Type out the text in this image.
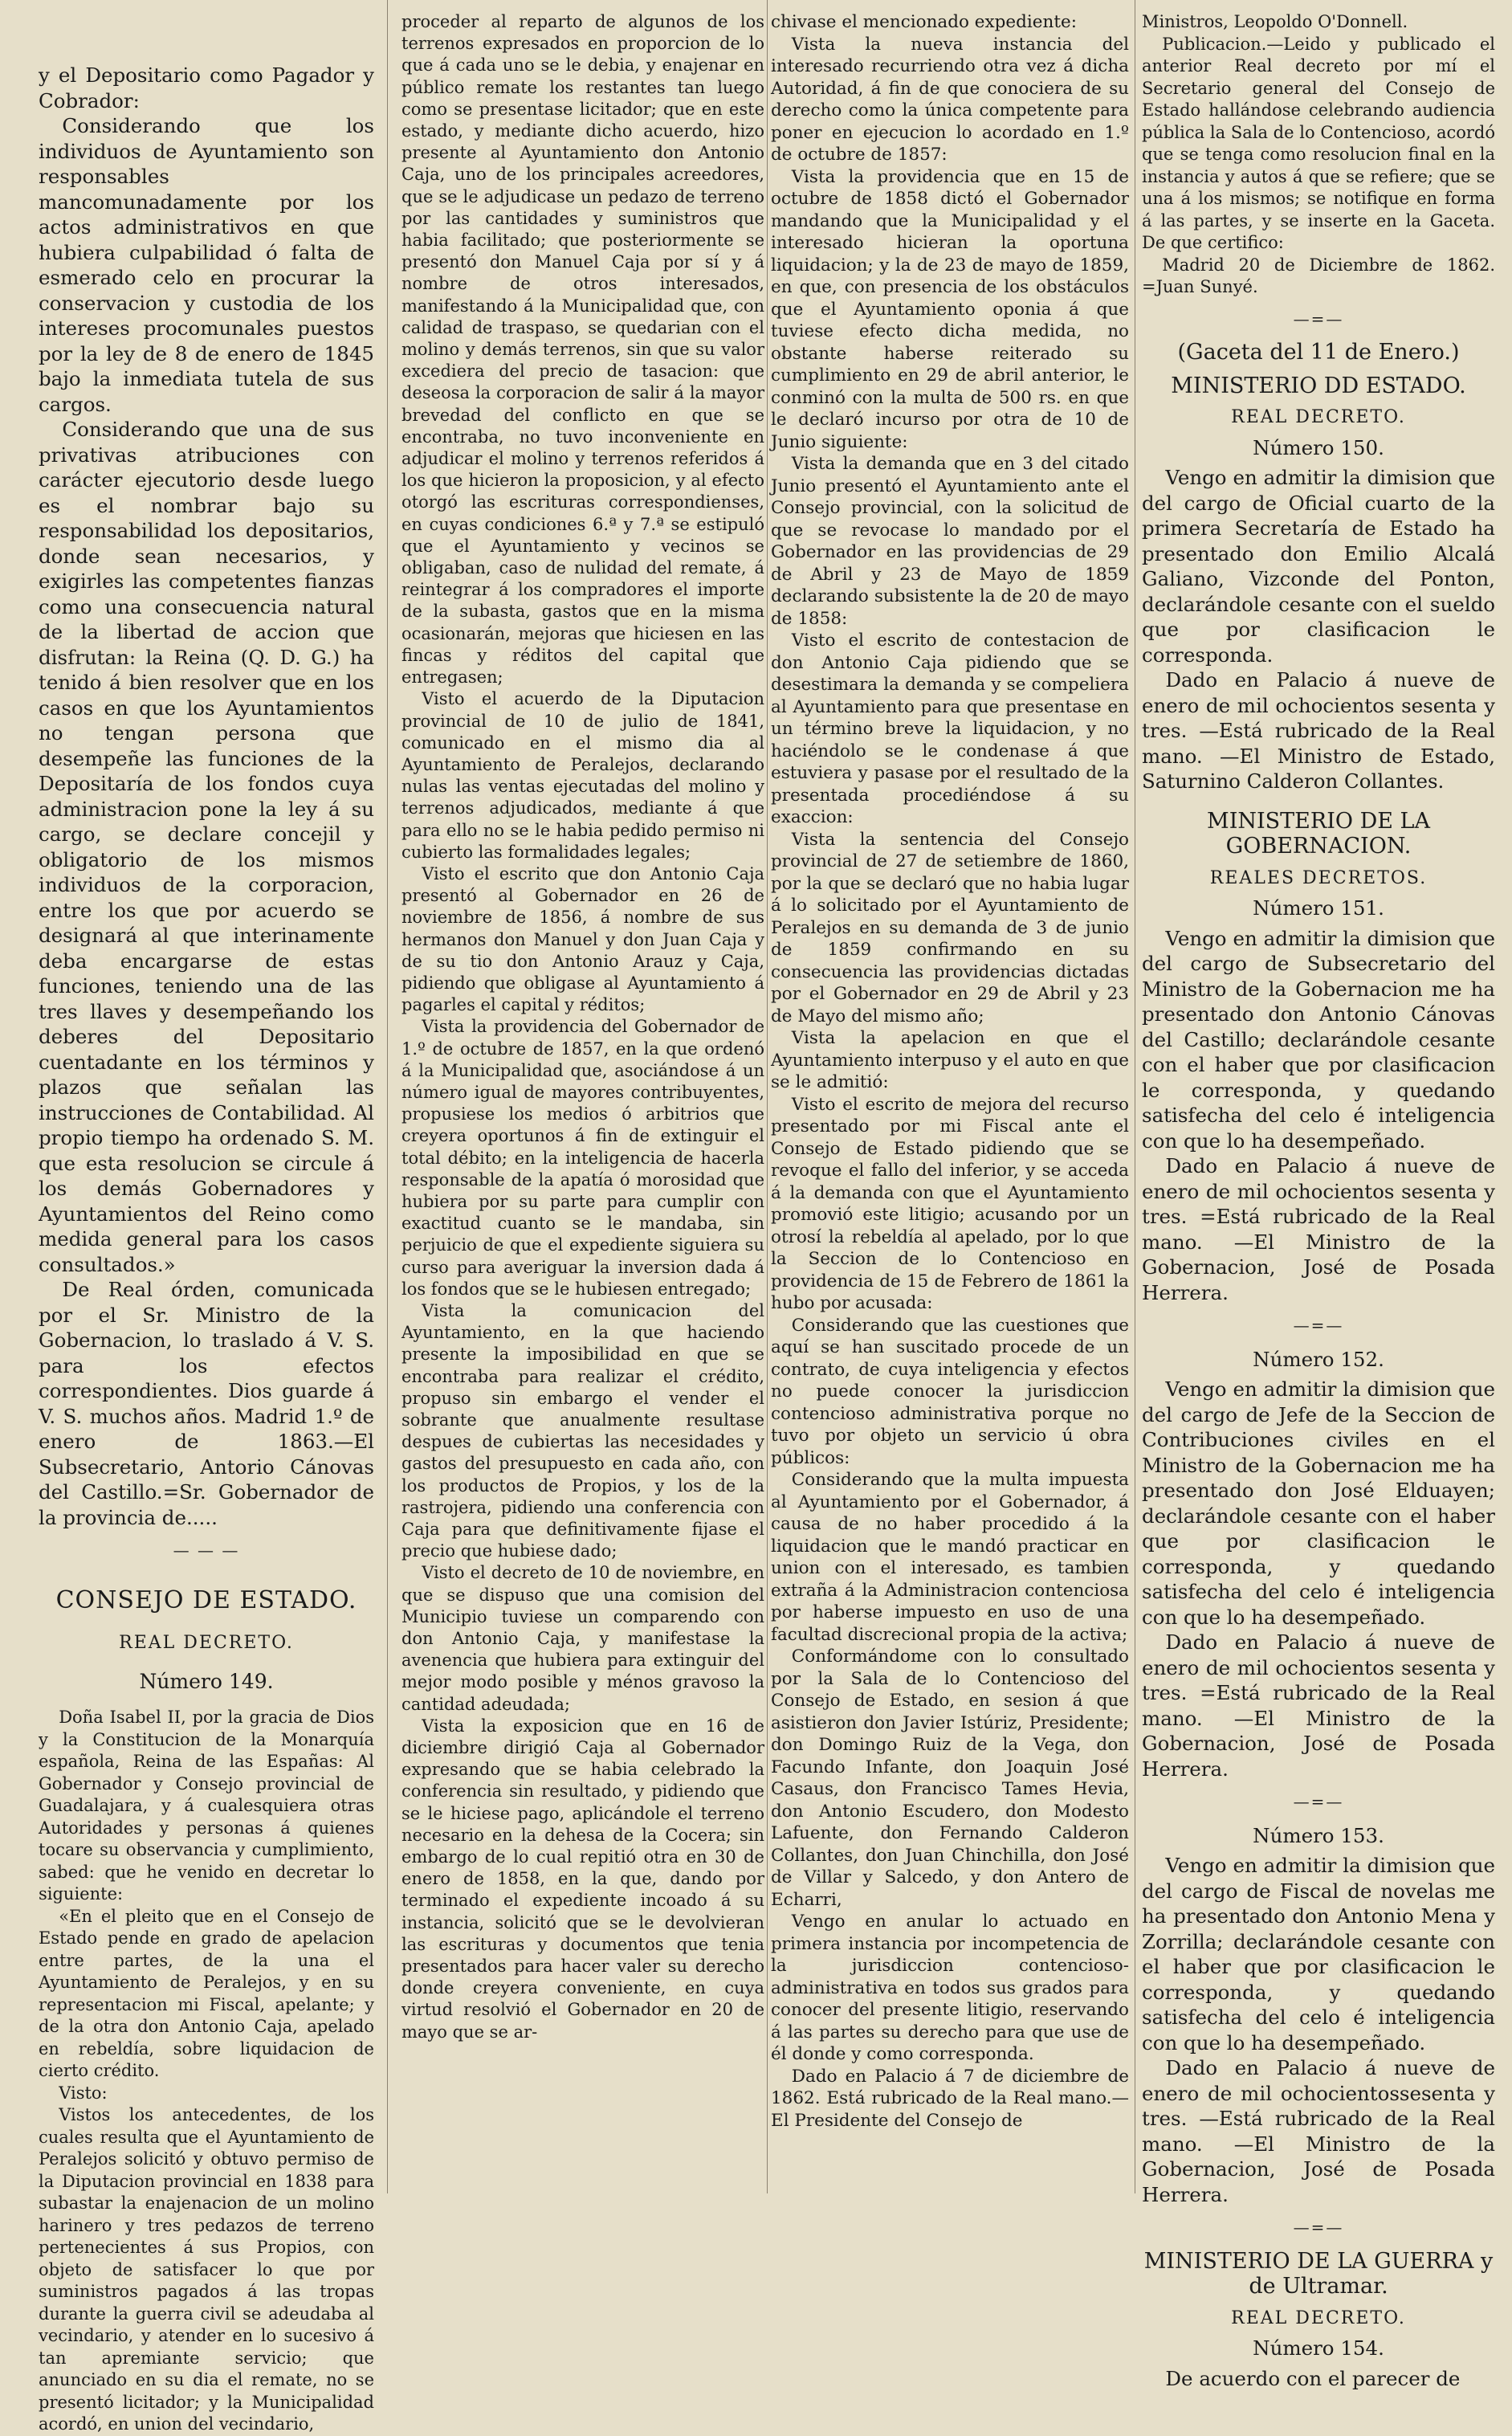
y el Depositario como Pagador y Cobrador:

Considerando que los individuos de Ayuntamiento son responsables mancomunadamente por los actos administrativos en que hubiera culpabilidad ó falta de esmerado celo en procurar la conservacion y custodia de los intereses procomunales puestos por la ley de 8 de enero de 1845 bajo la inmediata tutela de sus cargos.

Considerando que una de sus privativas atribuciones con carácter ejecutorio desde luego es el nombrar bajo su responsabilidad los depositarios, donde sean necesarios, y exigirles las competentes fianzas como una consecuencia natural de la libertad de accion que disfrutan: la Reina (Q. D. G.) ha tenido á bien resolver que en los casos en que los Ayuntamientos no tengan persona que desempeñe las funciones de la Depositaría de los fondos cuya administracion pone la ley á su cargo, se declare concejil y obligatorio de los mismos individuos de la corporacion, entre los que por acuerdo se designará al que interinamente deba encargarse de estas funciones, teniendo una de las tres llaves y desempeñando los deberes del Depositario cuentadante en los términos y plazos que señalan las instrucciones de Contabilidad. Al propio tiempo ha ordenado S. M. que esta resolucion se circule á los demás Gobernadores y Ayuntamientos del Reino como medida general para los casos consultados.»

De Real órden, comunicada por el Sr. Ministro de la Gobernacion, lo traslado á V. S. para los efectos correspondientes. Dios guarde á V. S. muchos años. Madrid 1.º de enero de 1863.—El Subsecretario, Antorio Cánovas del Castillo.=Sr. Gobernador de la provincia de.....

— — —
CONSEJO DE ESTADO.
REAL DECRETO.
Número 149.

Doña Isabel II, por la gracia de Dios y la Constitucion de la Monarquía española, Reina de las Españas: Al Gobernador y Consejo provincial de Guadalajara, y á cualesquiera otras Autoridades y personas á quienes tocare su observancia y cumplimiento, sabed: que he venido en decretar lo siguiente:

«En el pleito que en el Consejo de Estado pende en grado de apelacion entre partes, de la una el Ayuntamiento de Peralejos, y en su representacion mi Fiscal, apelante; y de la otra don Antonio Caja, apelado en rebeldía, sobre liquidacion de cierto crédito.

Visto:

Vistos los antecedentes, de los cuales resulta que el Ayuntamiento de Peralejos solicitó y obtuvo permiso de la Diputacion provincial en 1838 para subastar la enajenacion de un molino harinero y tres pedazos de terreno pertenecientes á sus Propios, con objeto de satisfacer lo que por suministros pagados á las tropas durante la guerra civil se adeudaba al vecindario, y atender en lo sucesivo á tan apremiante servicio; que anunciado en su dia el remate, no se presentó licitador; y la Municipalidad acordó, en union del vecindario,

proceder al reparto de algunos de los terrenos expresados en proporcion de lo que á cada uno se le debia, y enajenar en público remate los restantes tan luego como se presentase licitador; que en este estado, y mediante dicho acuerdo, hizo presente al Ayuntamiento don Antonio Caja, uno de los principales acreedores, que se le adjudicase un pedazo de terreno por las cantidades y suministros que habia facilitado; que posteriormente se presentó don Manuel Caja por sí y á nombre de otros interesados, manifestando á la Municipalidad que, con calidad de traspaso, se quedarian con el molino y demás terrenos, sin que su valor excediera del precio de tasacion: que deseosa la corporacion de salir á la mayor brevedad del conflicto en que se encontraba, no tuvo inconveniente en adjudicar el molino y terrenos referidos á los que hicieron la proposicion, y al efecto otorgó las escrituras correspondienses, en cuyas condiciones 6.ª y 7.ª se estipuló que el Ayuntamiento y vecinos se obligaban, caso de nulidad del remate, á reintegrar á los compradores el importe de la subasta, gastos que en la misma ocasionarán, mejoras que hiciesen en las fincas y réditos del capital que entregasen;

Visto el acuerdo de la Diputacion provincial de 10 de julio de 1841, comunicado en el mismo dia al Ayuntamiento de Peralejos, declarando nulas las ventas ejecutadas del molino y terrenos adjudicados, mediante á que para ello no se le habia pedido permiso ni cubierto las formalidades legales;

Visto el escrito que don Antonio Caja presentó al Gobernador en 26 de noviembre de 1856, á nombre de sus hermanos don Manuel y don Juan Caja y de su tio don Antonio Arauz y Caja, pidiendo que obligase al Ayuntamiento á pagarles el capital y réditos;

Vista la providencia del Gobernador de 1.º de octubre de 1857, en la que ordenó á la Municipalidad que, asociándose á un número igual de mayores contribuyentes, propusiese los medios ó arbitrios que creyera oportunos á fin de extinguir el total débito; en la inteligencia de hacerla responsable de la apatía ó morosidad que hubiera por su parte para cumplir con exactitud cuanto se le mandaba, sin perjuicio de que el expediente siguiera su curso para averiguar la inversion dada á los fondos que se le hubiesen entregado;

Vista la comunicacion del Ayuntamiento, en la que haciendo presente la imposibilidad en que se encontraba para realizar el crédito, propuso sin embargo el vender el sobrante que anualmente resultase despues de cubiertas las necesidades y gastos del presupuesto en cada año, con los productos de Propios, y los de la rastrojera, pidiendo una conferencia con Caja para que definitivamente fijase el precio que hubiese dado;

Visto el decreto de 10 de noviembre, en que se dispuso que una comision del Municipio tuviese un comparendo con don Antonio Caja, y manifestase la avenencia que hubiera para extinguir del mejor modo posible y ménos gravoso la cantidad adeudada;

Vista la exposicion que en 16 de diciembre dirigió Caja al Gobernador expresando que se habia celebrado la conferencia sin resultado, y pidiendo que se le hiciese pago, aplicándole el terreno necesario en la dehesa de la Cocera; sin embargo de lo cual repitió otra en 30 de enero de 1858, en la que, dando por terminado el expediente incoado á su instancia, solicitó que se le devolvieran las escrituras y documentos que tenia presentados para hacer valer su derecho donde creyera conveniente, en cuya virtud resolvió el Gobernador en 20 de mayo que se ar-

chivase el mencionado expediente:

Vista la nueva instancia del interesado recurriendo otra vez á dicha Autoridad, á fin de que conociera de su derecho como la única competente para poner en ejecucion lo acordado en 1.º de octubre de 1857:

Vista la providencia que en 15 de octubre de 1858 dictó el Gobernador mandando que la Municipalidad y el interesado hicieran la oportuna liquidacion; y la de 23 de mayo de 1859, en que, con presencia de los obstáculos que el Ayuntamiento oponia á que tuviese efecto dicha medida, no obstante haberse reiterado su cumplimiento en 29 de abril anterior, le conminó con la multa de 500 rs. en que le declaró incurso por otra de 10 de Junio siguiente:

Vista la demanda que en 3 del citado Junio presentó el Ayuntamiento ante el Consejo provincial, con la solicitud de que se revocase lo mandado por el Gobernador en las providencias de 29 de Abril y 23 de Mayo de 1859 declarando subsistente la de 20 de mayo de 1858:

Visto el escrito de contestacion de don Antonio Caja pidiendo que se desestimara la demanda y se compeliera al Ayuntamiento para que presentase en un término breve la liquidacion, y no haciéndolo se le condenase á que estuviera y pasase por el resultado de la presentada procediéndose á su exaccion:

Vista la sentencia del Consejo provincial de 27 de setiembre de 1860, por la que se declaró que no habia lugar á lo solicitado por el Ayuntamiento de Peralejos en su demanda de 3 de junio de 1859 confirmando en su consecuencia las providencias dictadas por el Gobernador en 29 de Abril y 23 de Mayo del mismo año;

Vista la apelacion en que el Ayuntamiento interpuso y el auto en que se le admitió:

Visto el escrito de mejora del recurso presentado por mi Fiscal ante el Consejo de Estado pidiendo que se revoque el fallo del inferior, y se acceda á la demanda con que el Ayuntamiento promovió este litigio; acusando por un otrosí la rebeldía al apelado, por lo que la Seccion de lo Contencioso en providencia de 15 de Febrero de 1861 la hubo por acusada:

Considerando que las cuestiones que aquí se han suscitado procede de un contrato, de cuya inteligencia y efectos no puede conocer la jurisdiccion contencioso administrativa porque no tuvo por objeto un servicio ú obra públicos:

Considerando que la multa impuesta al Ayuntamiento por el Gobernador, á causa de no haber procedido á la liquidacion que le mandó practicar en union con el interesado, es tambien extraña á la Administracion contenciosa por haberse impuesto en uso de una facultad discrecional propia de la activa;

Conformándome con lo consultado por la Sala de lo Contencioso del Consejo de Estado, en sesion á que asistieron don Javier Istúriz, Presidente; don Domingo Ruiz de la Vega, don Facundo Infante, don Joaquin José Casaus, don Francisco Tames Hevia, don Antonio Escudero, don Modesto Lafuente, don Fernando Calderon Collantes, don Juan Chinchilla, don José de Villar y Salcedo, y don Antero de Echarri,

Vengo en anular lo actuado en primera instancia por incompetencia de la jurisdiccion contencioso-administrativa en todos sus grados para conocer del presente litigio, reservando á las partes su derecho para que use de él donde y como corresponda.

Dado en Palacio á 7 de diciembre de 1862. Está rubricado de la Real mano.—El Presidente del Consejo de

Ministros, Leopoldo O'Donnell.

Publicacion.—Leido y publicado el anterior Real decreto por mí el Secretario general del Consejo de Estado hallándose celebrando audiencia pública la Sala de lo Contencioso, acordó que se tenga como resolucion final en la instancia y autos á que se refiere; que se una á los mismos; se notifique en forma á las partes, y se inserte en la Gaceta. De que certifico:

Madrid 20 de Diciembre de 1862. =Juan Sunyé.

—=—
(Gaceta del 11 de Enero.)
MINISTERIO DD ESTADO.
REAL DECRETO.
Número 150.

Vengo en admitir la dimision que del cargo de Oficial cuarto de la primera Secretaría de Estado ha presentado don Emilio Alcalá Galiano, Vizconde del Ponton, declarándole cesante con el sueldo que por clasificacion le corresponda.

Dado en Palacio á nueve de enero de mil ochocientos sesenta y tres. —Está rubricado de la Real mano. —El Ministro de Estado, Saturnino Calderon Collantes.

MINISTERIO DE LA GOBERNACION.
REALES DECRETOS.
Número 151.

Vengo en admitir la dimision que del cargo de Subsecretario del Ministro de la Gobernacion me ha presentado don Antonio Cánovas del Castillo; declarándole cesante con el haber que por clasificacion le corresponda, y quedando satisfecha del celo é inteligencia con que lo ha desempeñado.

Dado en Palacio á nueve de enero de mil ochocientos sesenta y tres. =Está rubricado de la Real mano. —El Ministro de la Gobernacion, José de Posada Herrera.

—=—
Número 152.

Vengo en admitir la dimision que del cargo de Jefe de la Seccion de Contribuciones civiles en el Ministro de la Gobernacion me ha presentado don José Elduayen; declarándole cesante con el haber que por clasificacion le corresponda, y quedando satisfecha del celo é inteligencia con que lo ha desempeñado.

Dado en Palacio á nueve de enero de mil ochocientos sesenta y tres. =Está rubricado de la Real mano. —El Ministro de la Gobernacion, José de Posada Herrera.

—=—
Número 153.

Vengo en admitir la dimision que del cargo de Fiscal de novelas me ha presentado don Antonio Mena y Zorrilla; declarándole cesante con el haber que por clasificacion le corresponda, y quedando satisfecha del celo é inteligencia con que lo ha desempeñado.

Dado en Palacio á nueve de enero de mil ochocientossesenta y tres. —Está rubricado de la Real mano. —El Ministro de la Gobernacion, José de Posada Herrera.

—=—
MINISTERIO DE LA GUERRA y de Ultramar.
REAL DECRETO.
Número 154.

De acuerdo con el parecer de
